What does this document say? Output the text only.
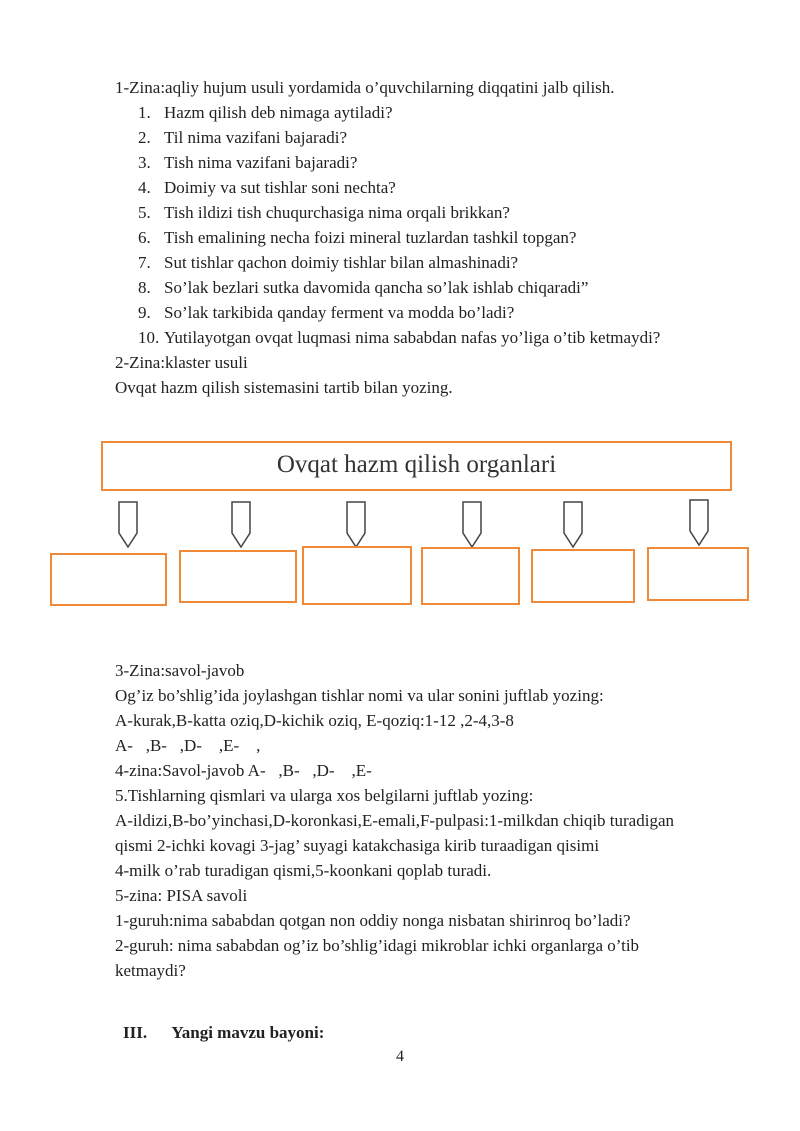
1-Zina:aqliy hujum usuli yordamida o’quvchilarning diqqatini jalb qilish.
1. Hazm qilish deb nimaga aytiladi?
2. Til nima vazifani bajaradi?
3. Tish nima vazifani bajaradi?
4. Doimiy va sut tishlar soni nechta?
5. Tish ildizi tish chuqurchasiga nima orqali brikkan?
6. Tish emalining necha foizi mineral tuzlardan tashkil topgan?
7. Sut tishlar qachon doimiy tishlar bilan almashinadi?
8. So’lak bezlari sutka davomida qancha so’lak ishlab chiqaradi”
9. So’lak tarkibida qanday ferment va modda bo’ladi?
10. Yutilayotgan ovqat luqmasi nima sababdan nafas yo’liga o’tib ketmaydi?
2-Zina:klaster usuli
Ovqat hazm qilish sistemasini tartib bilan yozing.
Ovqat hazm qilish organlari
3-Zina:savol-javob
Og’iz bo’shlig’ida joylashgan tishlar nomi va ular sonini juftlab yozing:
A-kurak,B-katta oziq,D-kichik oziq, E-qoziq:1-12 ,2-4,3-8
A-   ,B-   ,D-    ,E-    ,
4-zina:Savol-javob A-   ,B-   ,D-    ,E-
5.Tishlarning qismlari va ularga xos belgilarni juftlab yozing:
A-ildizi,B-bo’yinchasi,D-koronkasi,E-emali,F-pulpasi:1-milkdan chiqib turadigan
qismi 2-ichki kovagi 3-jag’ suyagi katakchasiga kirib turaadigan qisimi
4-milk o’rab turadigan qismi,5-koonkani qoplab turadi.
5-zina: PISA savoli
1-guruh:nima sababdan qotgan non oddiy nonga nisbatan shirinroq bo’ladi?
2-guruh: nima sababdan og’iz bo’shlig’idagi mikroblar ichki organlarga o’tib
ketmaydi?
III. Yangi mavzu bayoni:
4
